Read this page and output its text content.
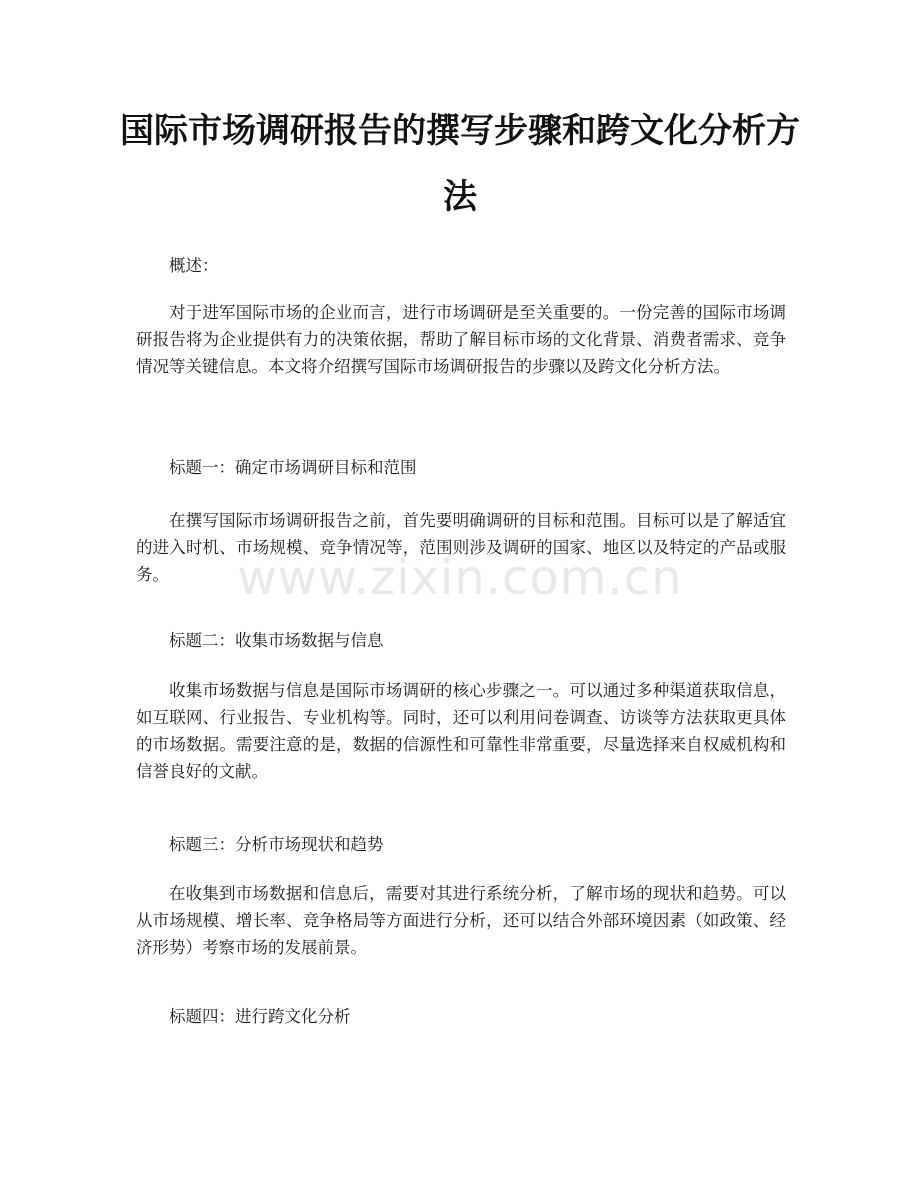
国际市场调研报告的撰写步骤和跨文化分析方法

概述：

对于进军国际市场的企业而言，进行市场调研是至关重要的。一份完善的国际市场调研报告将为企业提供有力的决策依据，帮助了解目标市场的文化背景、消费者需求、竞争情况等关键信息。本文将介绍撰写国际市场调研报告的步骤以及跨文化分析方法。

标题一：确定市场调研目标和范围

在撰写国际市场调研报告之前，首先要明确调研的目标和范围。目标可以是了解适宜的进入时机、市场规模、竞争情况等，范围则涉及调研的国家、地区以及特定的产品或服务。

标题二：收集市场数据与信息

收集市场数据与信息是国际市场调研的核心步骤之一。可以通过多种渠道获取信息，如互联网、行业报告、专业机构等。同时，还可以利用问卷调查、访谈等方法获取更具体的市场数据。需要注意的是，数据的信源性和可靠性非常重要，尽量选择来自权威机构和信誉良好的文献。

标题三：分析市场现状和趋势

在收集到市场数据和信息后，需要对其进行系统分析，了解市场的现状和趋势。可以从市场规模、增长率、竞争格局等方面进行分析，还可以结合外部环境因素（如政策、经济形势）考察市场的发展前景。

标题四：进行跨文化分析

www.zixin.com.cn
